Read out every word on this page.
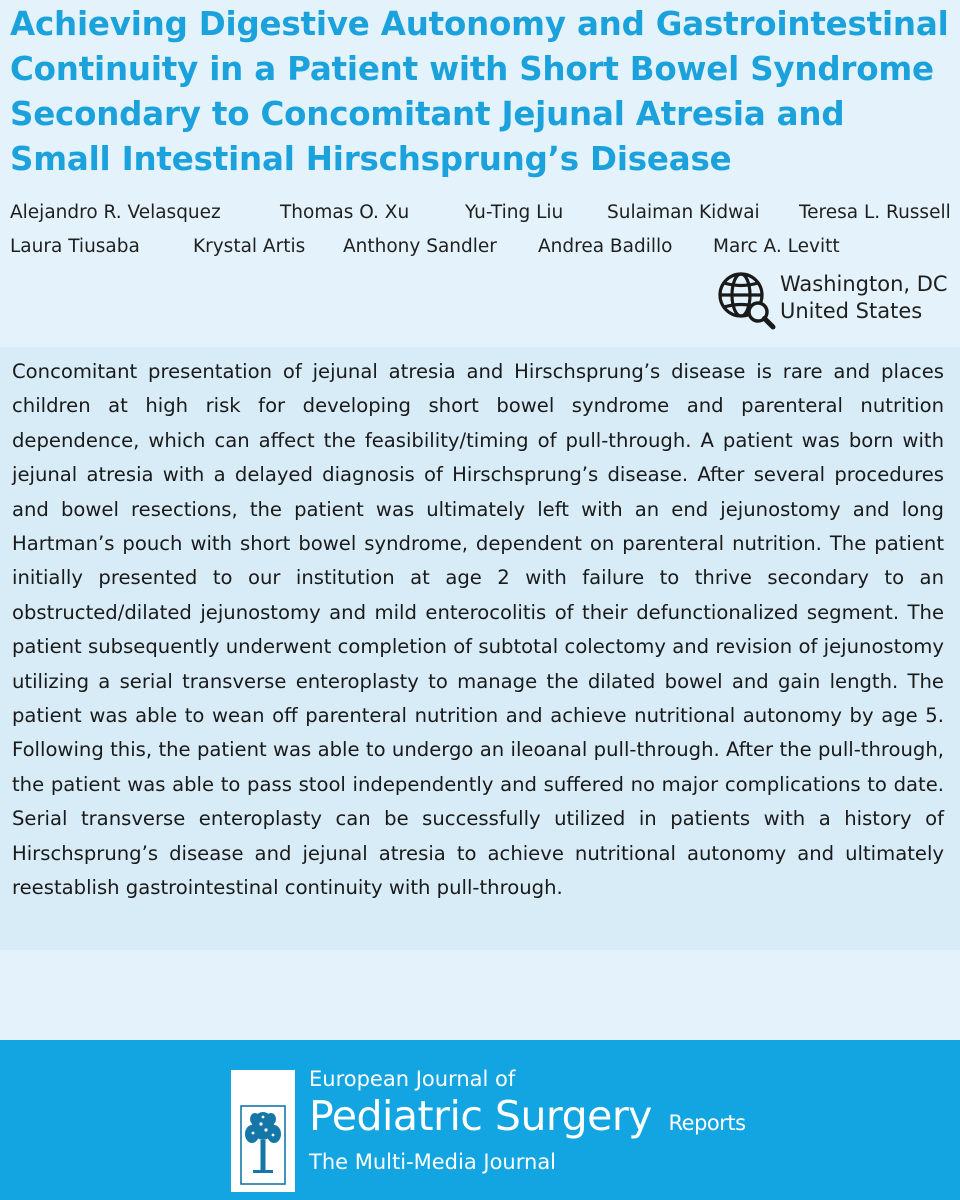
Achieving Digestive Autonomy and Gastrointestinal Continuity in a Patient with Short Bowel Syndrome Secondary to Concomitant Jejunal Atresia and Small Intestinal Hirschsprung’s Disease
Alejandro R. Velasquez	Thomas O. Xu	Yu-Ting Liu Sulaiman Kidwai Teresa L. Russell
Laura Tiusaba	Krystal Artis Anthony Sandler Andrea Badillo Marc A. Levitt
Washington, DC
United States

Concomitant presentation of jejunal atresia and Hirschsprung’s disease is rare and places children at high risk for developing short bowel syndrome and parenteral nutrition dependence, which can affect the feasibility/timing of pull-through. A patient was born with jejunal atresia with a delayed diagnosis of Hirschsprung’s disease. After several procedures and bowel resections, the patient was ultimately left with an end jejunostomy and long Hartman’s pouch with short bowel syndrome, dependent on parenteral nutrition. The patient initially presented to our institution at age 2 with failure to thrive secondary to an obstructed/dilated jejunostomy and mild enterocolitis of their defunctionalized segment. The patient subsequently underwent completion of subtotal colectomy and revision of jejunostomy utilizing a serial transverse enteroplasty to manage the dilated bowel and gain length. The patient was able to wean off parenteral nutrition and achieve nutritional autonomy by age 5. Following this, the patient was able to undergo an ileoanal pull-through. After the pull-through, the patient was able to pass stool independently and suffered no major complications to date. Serial transverse enteroplasty can be successfully utilized in patients with a history of Hirschsprung’s disease and jejunal atresia to achieve nutritional autonomy and ultimately reestablish gastrointestinal continuity with pull-through.

European Journal of
Pediatric Surgery Reports
The Multi-Media Journal
